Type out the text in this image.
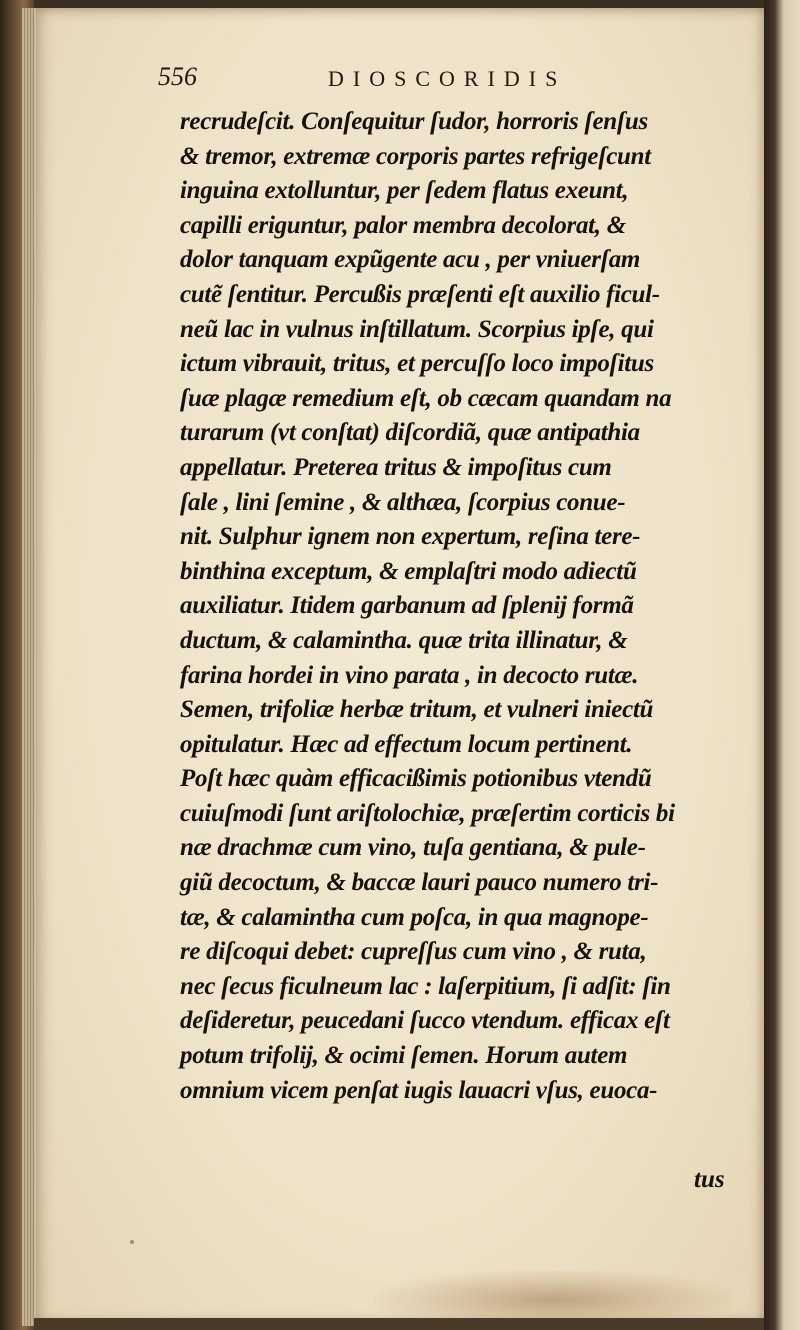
556	DIOSCORIDIS
recrudeſcit. Conſequitur ſudor, horroris ſenſus
& tremor, extremæ corporis partes refrigeſcunt
inguina extolluntur, per ſedem flatus exeunt,
capilli eriguntur, palor membra decolorat, &
dolor tanquam expũgente acu , per vniuerſam
cutẽ ſentitur. Percußis præſenti eſt auxilio ficul-
neũ lac in vulnus inſtillatum. Scorpius ipſe, qui
ictum vibrauit, tritus, et percuſſo loco impoſitus
ſuæ plagæ remedium eſt, ob cæcam quandam na
turarum (vt conſtat) diſcordiã, quæ antipathia
appellatur. Preterea tritus & impoſitus cum
ſale , lini ſemine , & althæa, ſcorpius conue-
nit. Sulphur ignem non expertum, reſina tere-
binthina exceptum, & emplaſtri modo adiectũ
auxiliatur. Itidem garbanum ad ſplenij formã
ductum, & calamintha. quæ trita illinatur, &
farina hordei in vino parata , in decocto rutæ.
Semen, trifoliæ herbæ tritum, et vulneri iniectũ
opitulatur. Hæc ad effectum locum pertinent.
Poſt hæc quàm efficacißimis potionibus vtendũ
cuiuſmodi ſunt ariſtolochiæ, præſertim corticis bi
næ drachmæ cum vino, tuſa gentiana, & pule-
giũ decoctum, & baccæ lauri pauco numero tri-
tæ, & calamintha cum poſca, in qua magnope-
re diſcoqui debet: cupreſſus cum vino , & ruta,
nec ſecus ficulneum lac : laſerpitium, ſi adſit: ſin
deſideretur, peucedani ſucco vtendum. efficax eſt
potum trifolij, & ocimi ſemen. Horum autem
omnium vicem penſat iugis lauacri vſus, euoca-
tus
